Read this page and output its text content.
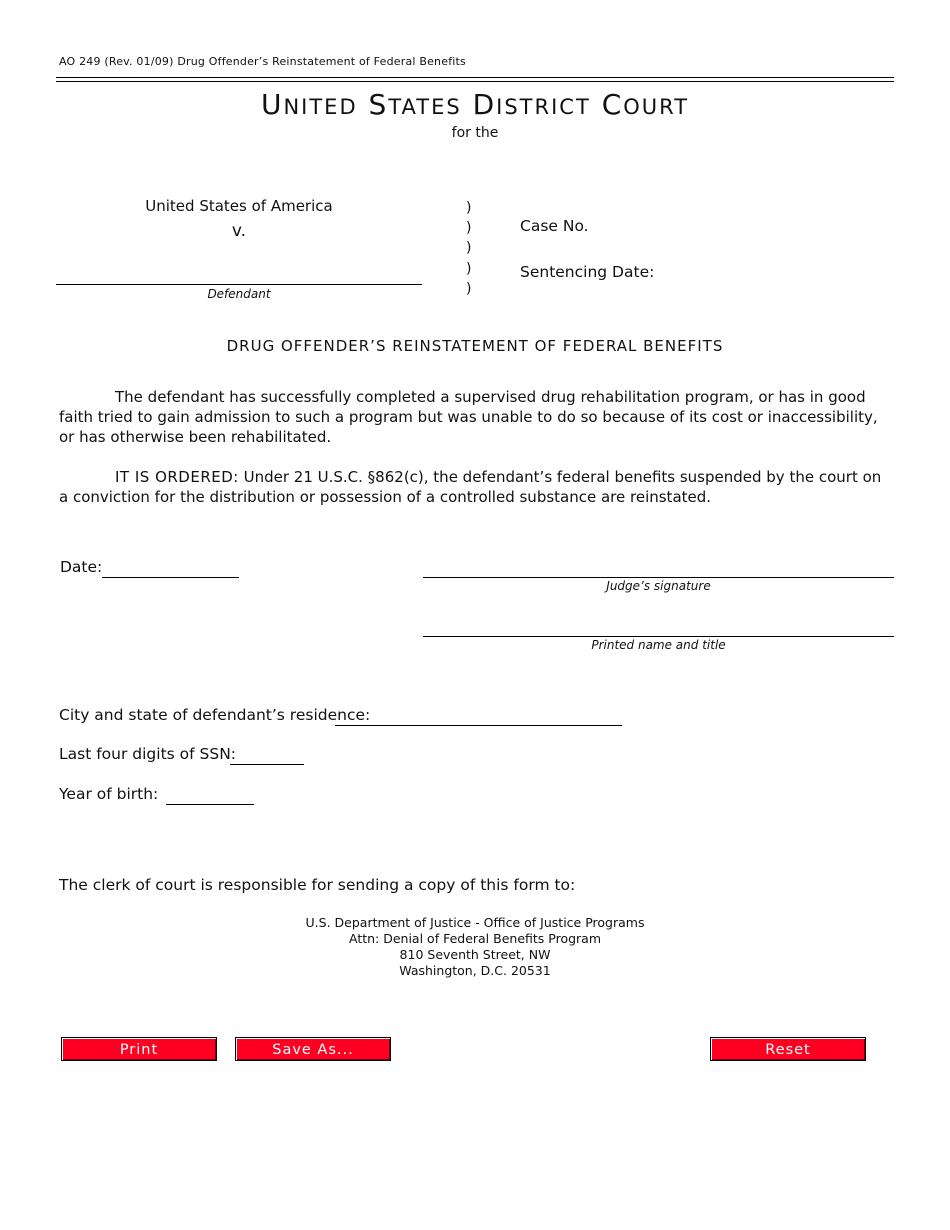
AO 249 (Rev. 01/09) Drug Offender’s Reinstatement of Federal Benefits
UNITED STATES DISTRICT COURT
for the
United States of America
v.
Defendant
)
)
)
)
)
Case No.
Sentencing Date:
DRUG OFFENDER’S REINSTATEMENT OF FEDERAL BENEFITS
The defendant has successfully completed a supervised drug rehabilitation program, or has in good faith tried to gain admission to such a program but was unable to do so because of its cost or inaccessibility, or has otherwise been rehabilitated.
IT IS ORDERED: Under 21 U.S.C. §862(c), the defendant’s federal benefits suspended by the court on a conviction for the distribution or possession of a controlled substance are reinstated.
Date:
Judge’s signature
Printed name and title
City and state of defendant’s residence:
Last four digits of SSN:
Year of birth:
The clerk of court is responsible for sending a copy of this form to:
U.S. Department of Justice - Office of Justice Programs
Attn: Denial of Federal Benefits Program
810 Seventh Street, NW
Washington, D.C. 20531
Print	Save As...	Reset
